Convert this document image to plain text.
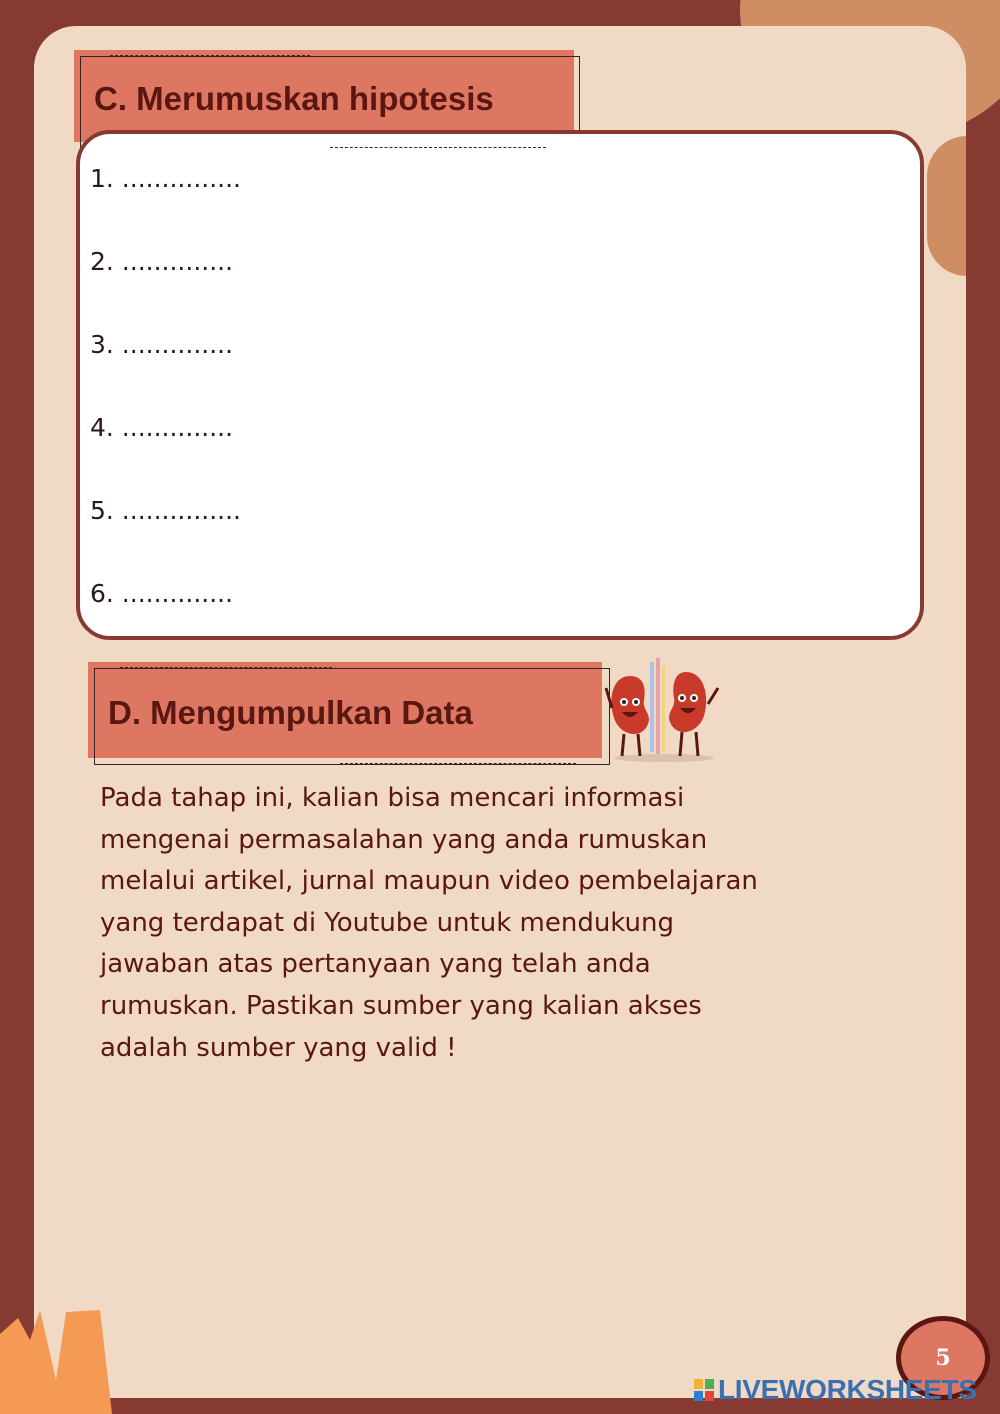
C. Merumuskan hipotesis
1. ...............
2. ..............
3. ..............
4. ..............
5. ...............
6. ..............
D. Mengumpulkan Data
Pada tahap ini, kalian bisa mencari informasi
mengenai permasalahan yang anda rumuskan
melalui artikel, jurnal maupun video pembelajaran
yang terdapat di Youtube untuk mendukung
jawaban atas pertanyaan yang telah anda
rumuskan. Pastikan sumber yang kalian akses
adalah sumber yang valid !
5
LIVEWORKSHEETS
